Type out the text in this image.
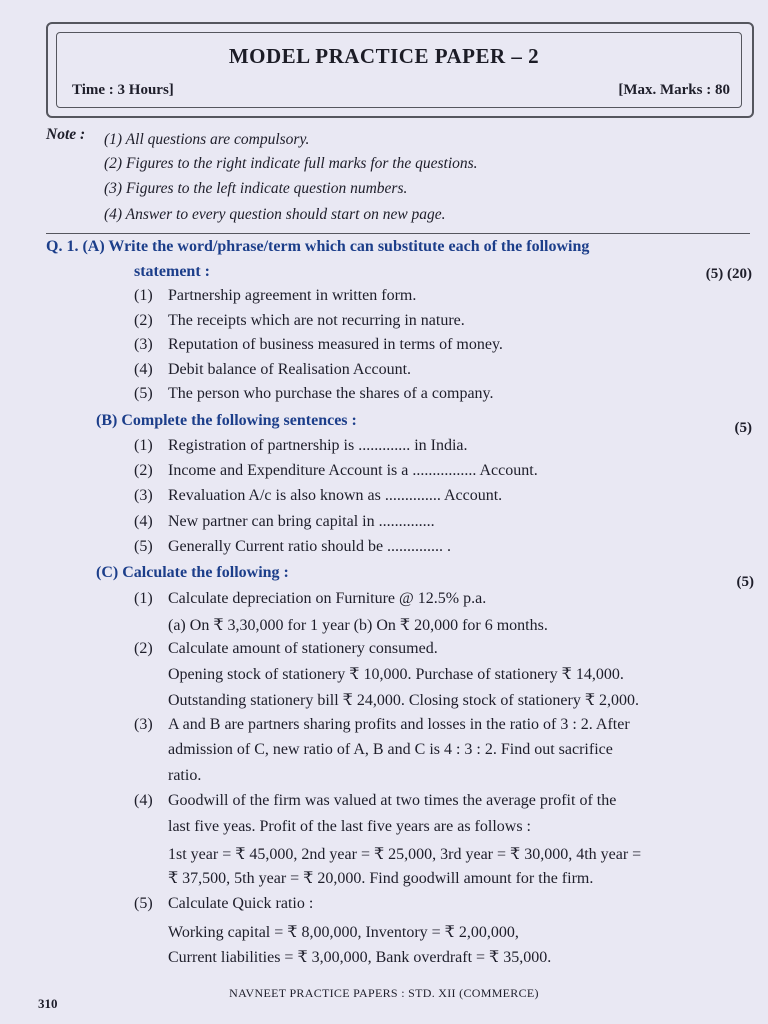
MODEL PRACTICE PAPER – 2
Time : 3 Hours]	[Max. Marks : 80
Note : (1) All questions are compulsory.
(2) Figures to the right indicate full marks for the questions.
(3) Figures to the left indicate question numbers.
(4) Answer to every question should start on new page.
Q. 1. (A) Write the word/phrase/term which can substitute each of the following
statement :	(5) (20)
(1) Partnership agreement in written form.
(2) The receipts which are not recurring in nature.
(3) Reputation of business measured in terms of money.
(4) Debit balance of Realisation Account.
(5) The person who purchase the shares of a company.
(B) Complete the following sentences :	(5)
(1) Registration of partnership is ............. in India.
(2) Income and Expenditure Account is a ................ Account.
(3) Revaluation A/c is also known as .............. Account.
(4) New partner can bring capital in ..............
(5) Generally Current ratio should be .............. .
(C) Calculate the following :
(5)
(1) Calculate depreciation on Furniture @ 12.5% p.a.
(a) On ₹ 3,30,000 for 1 year (b) On ₹ 20,000 for 6 months.
(2) Calculate amount of stationery consumed.
Opening stock of stationery ₹ 10,000. Purchase of stationery ₹ 14,000.
Outstanding stationery bill ₹ 24,000. Closing stock of stationery ₹ 2,000.
(3) A and B are partners sharing profits and losses in the ratio of 3 : 2. After
admission of C, new ratio of A, B and C is 4 : 3 : 2. Find out sacrifice
ratio.
(4) Goodwill of the firm was valued at two times the average profit of the
last five yeas. Profit of the last five years are as follows :
1st year = ₹ 45,000, 2nd year = ₹ 25,000, 3rd year = ₹ 30,000, 4th year =
₹ 37,500, 5th year = ₹ 20,000. Find goodwill amount for the firm.
(5) Calculate Quick ratio :
Working capital = ₹ 8,00,000, Inventory = ₹ 2,00,000,
Current liabilities = ₹ 3,00,000, Bank overdraft = ₹ 35,000.
NAVNEET PRACTICE PAPERS : STD. XII (COMMERCE)
310
